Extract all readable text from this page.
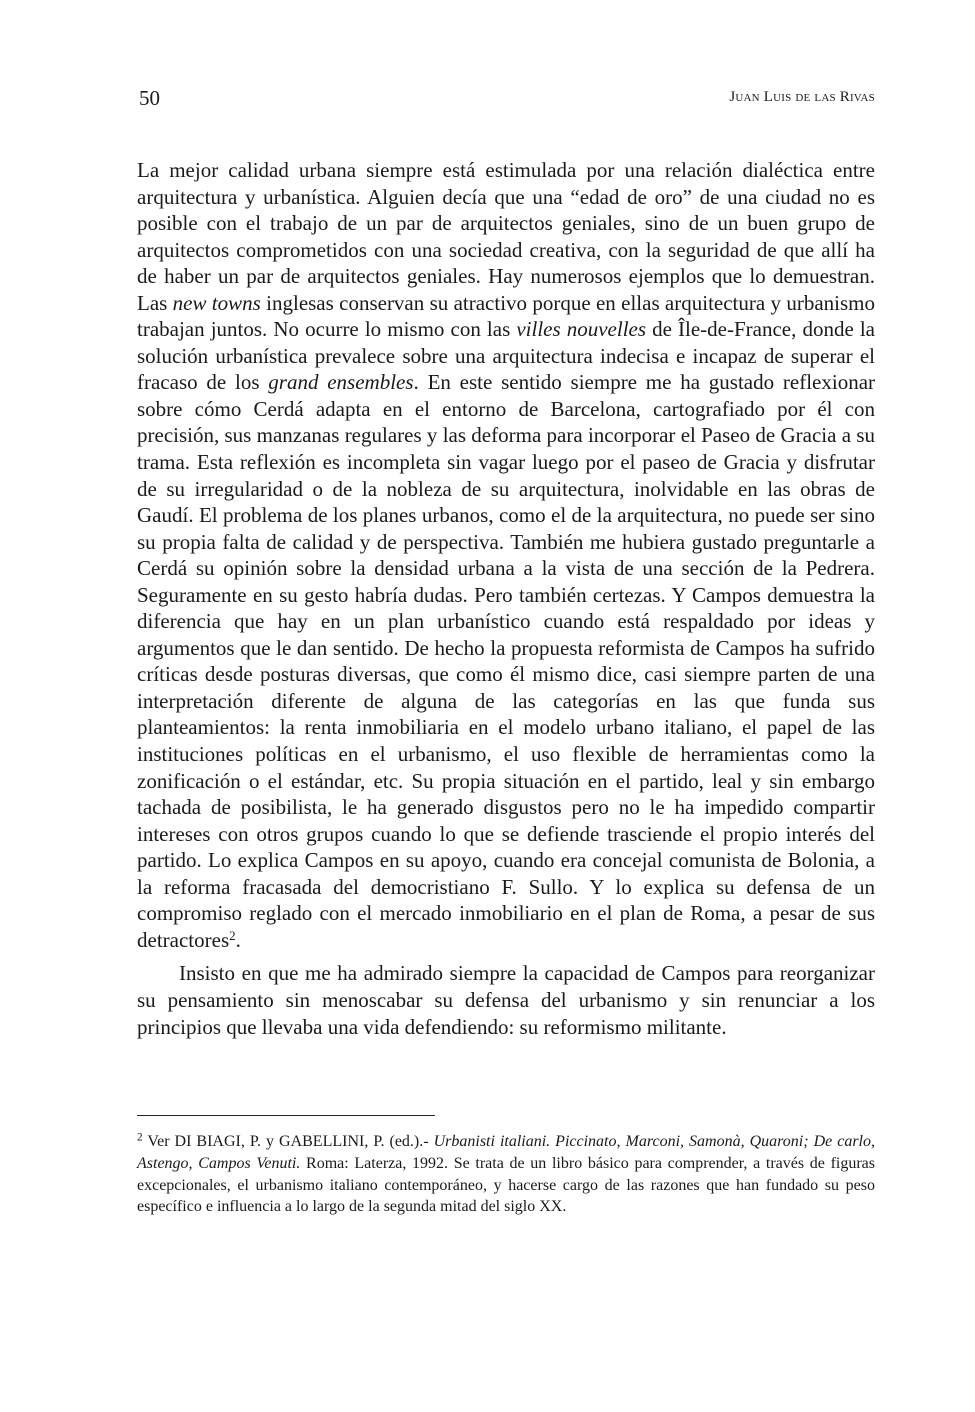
50	Juan Luis de las Rivas

La mejor calidad urbana siempre está estimulada por una relación dialéctica entre arquitectura y urbanística. Alguien decía que una “edad de oro” de una ciudad no es posible con el trabajo de un par de arquitectos geniales, sino de un buen grupo de arquitectos comprometidos con una sociedad creativa, con la seguridad de que allí ha de haber un par de arquitectos geniales. Hay numerosos ejemplos que lo demuestran. Las new towns inglesas conservan su atractivo porque en ellas arquitectura y urbanismo trabajan juntos. No ocurre lo mismo con las villes nouvelles de Île-de-France, donde la solución urbanística prevalece sobre una arquitectura indecisa e incapaz de superar el fracaso de los grand ensembles. En este sentido siempre me ha gustado reflexionar sobre cómo Cerdá adapta en el entorno de Barcelona, cartografiado por él con precisión, sus manzanas regulares y las deforma para incorporar el Paseo de Gracia a su trama. Esta reflexión es incompleta sin vagar luego por el paseo de Gracia y disfrutar de su irregularidad o de la nobleza de su arquitectura, inolvidable en las obras de Gaudí. El problema de los planes urbanos, como el de la arquitectura, no puede ser sino su propia falta de calidad y de perspectiva. También me hubiera gustado preguntarle a Cerdá su opinión sobre la densidad urbana a la vista de una sección de la Pedrera. Seguramente en su gesto habría dudas. Pero también certezas. Y Campos demuestra la diferencia que hay en un plan urbanístico cuando está respaldado por ideas y argumentos que le dan sentido. De hecho la propuesta reformista de Campos ha sufrido críticas desde posturas diversas, que como él mismo dice, casi siempre parten de una interpretación diferente de alguna de las categorías en las que funda sus planteamientos: la renta inmobiliaria en el modelo urbano italiano, el papel de las instituciones políticas en el urbanismo, el uso flexible de herramientas como la zonificación o el estándar, etc. Su propia situación en el partido, leal y sin embargo tachada de posibilista, le ha generado disgustos pero no le ha impedido compartir intereses con otros grupos cuando lo que se defiende trasciende el propio interés del partido. Lo explica Campos en su apoyo, cuando era concejal comunista de Bolonia, a la reforma fracasada del democristiano F. Sullo. Y lo explica su defensa de un compromiso reglado con el mercado inmobiliario en el plan de Roma, a pesar de sus detractores$^2$.

Insisto en que me ha admirado siempre la capacidad de Campos para reorganizar su pensamiento sin menoscabar su defensa del urbanismo y sin renunciar a los principios que llevaba una vida defendiendo: su reformismo militante.

$^2$ Ver DI BIAGI, P. y GABELLINI, P. (ed.).- Urbanisti italiani. Piccinato, Marconi, Samonà, Quaroni; De carlo, Astengo, Campos Venuti. Roma: Laterza, 1992. Se trata de un libro básico para comprender, a través de figuras excepcionales, el urbanismo italiano contemporáneo, y hacerse cargo de las razones que han fundado su peso específico e influencia a lo largo de la segunda mitad del siglo XX.
